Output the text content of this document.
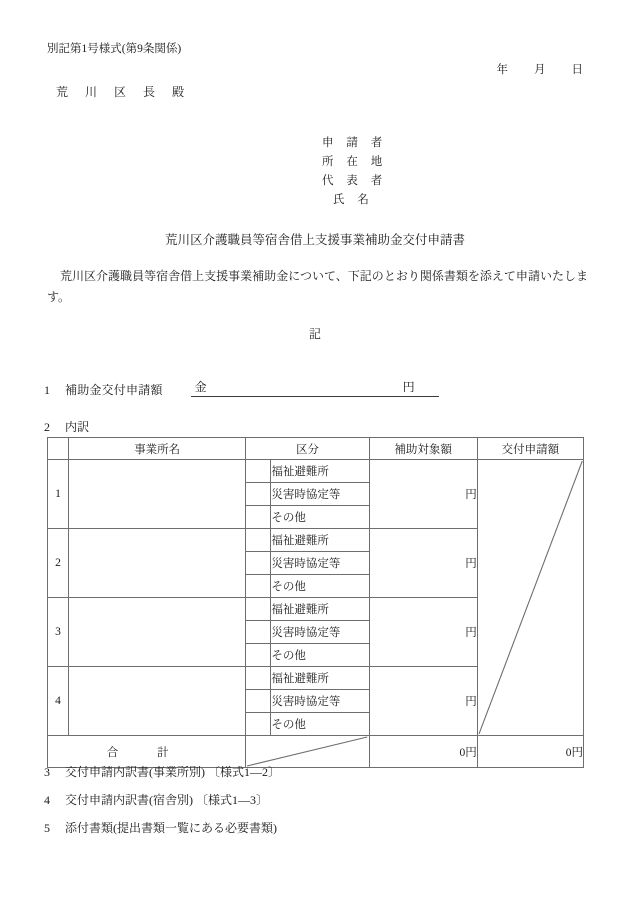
別記第1号様式(第9条関係)
年 月 日
荒 川 区 長 殿
申 請 者
所 在 地
代 表 者
氏 名
荒川区介護職員等宿舎借上支援事業補助金交付申請書
荒川区介護職員等宿舎借上支援事業補助金について、下記のとおり関係書類を添えて申請いたします。
記
1 補助金交付申請額	金	円
2 内訳
	事業所名	区分		補助対象額	交付申請額
1			福祉避難所	円	

			災害時協定等		
			その他		
2			福祉避難所	円	
			災害時協定等		
			その他		
3			福祉避難所	円	
			災害時協定等		
			その他		
4			福祉避難所	円	
			災害時協定等		
			その他		
合 計				0円	0円
3 交付申請内訳書(事業所別) 〔様式1—2〕
4 交付申請内訳書(宿舎別) 〔様式1—3〕
5 添付書類(提出書類一覧にある必要書類)
